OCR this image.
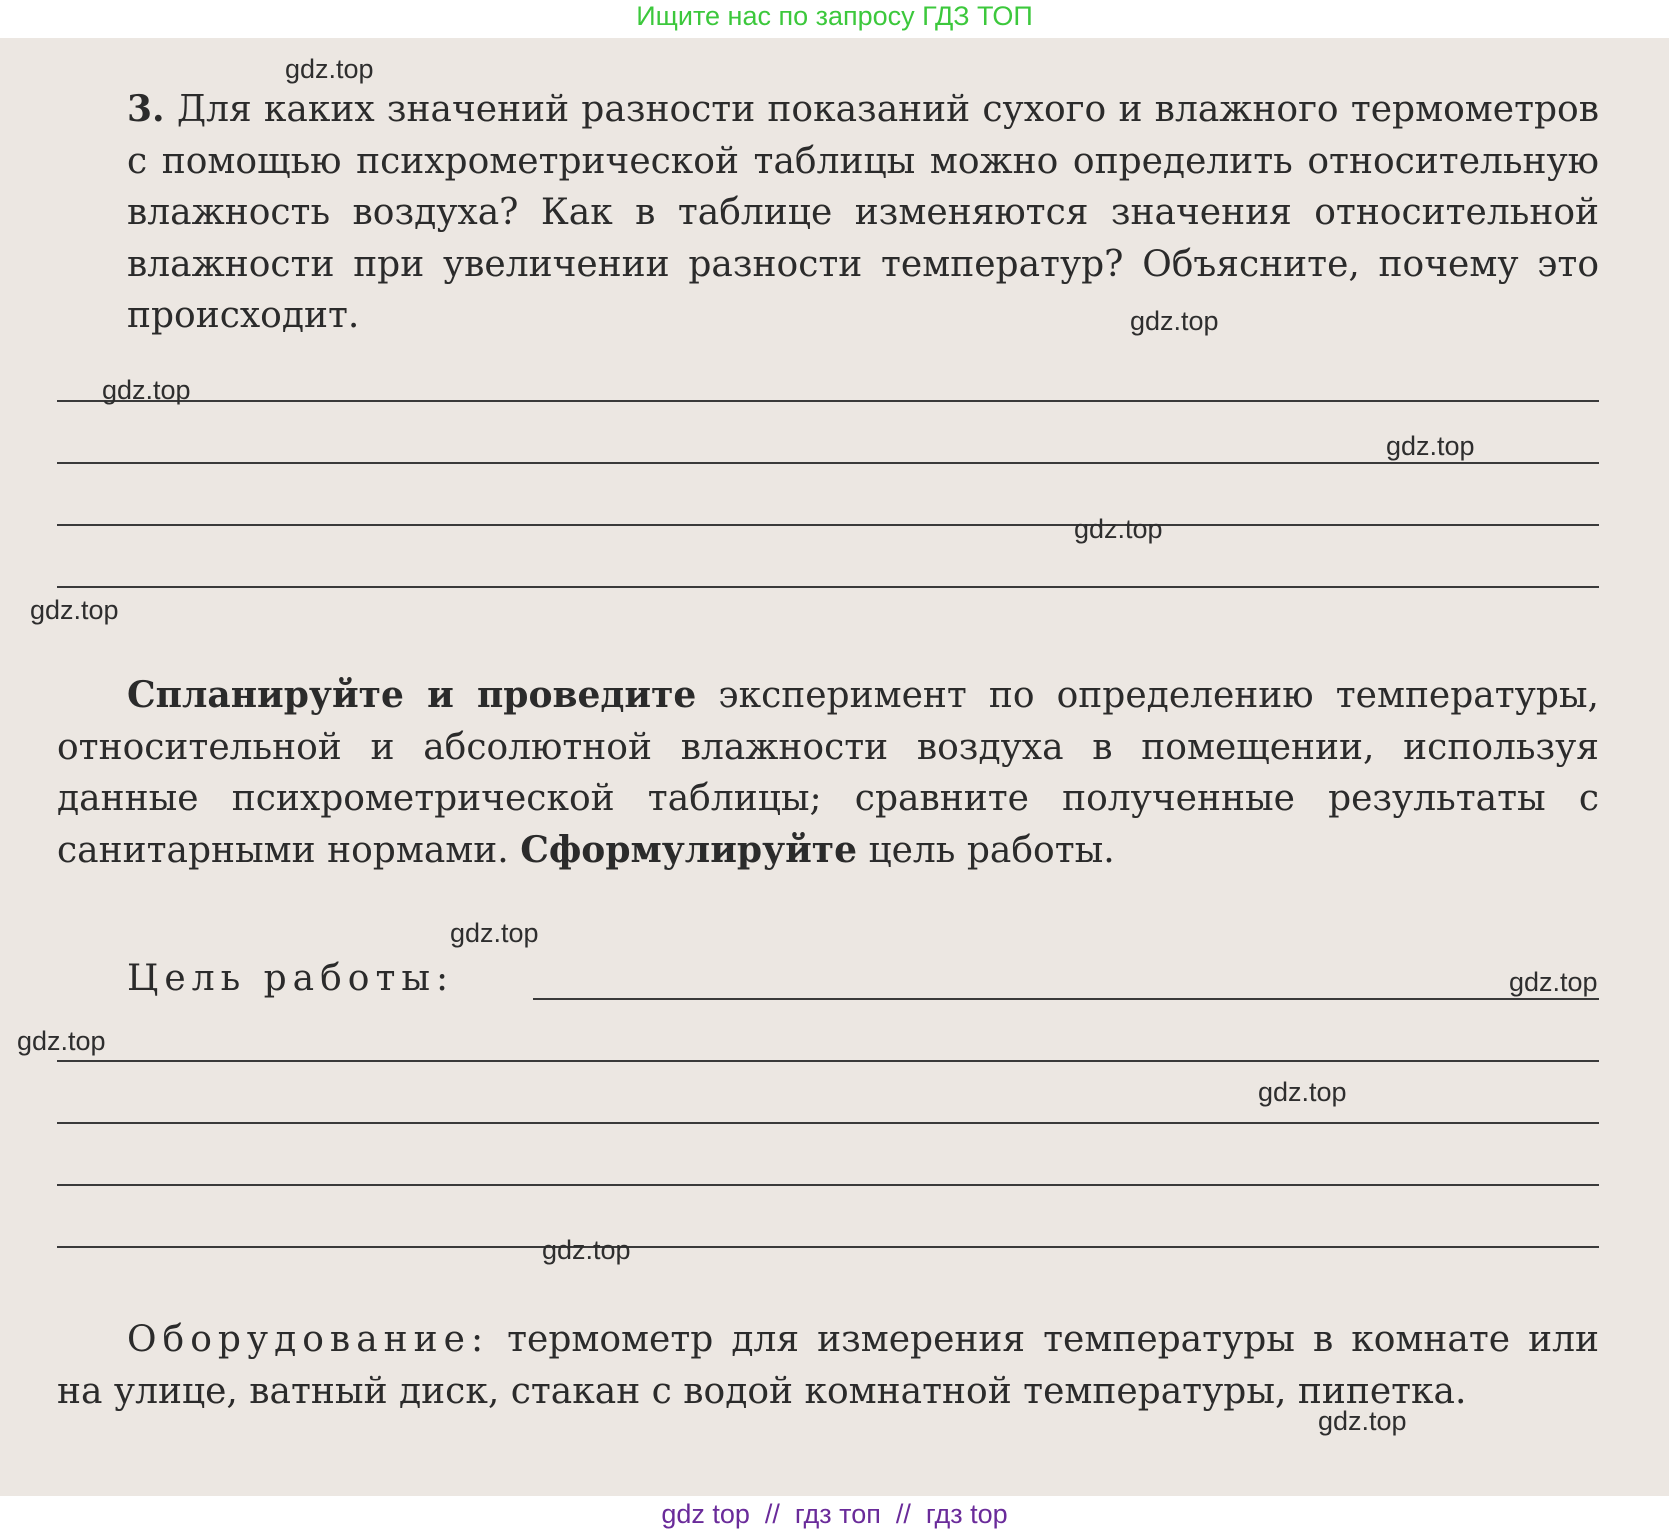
Ищите нас по запросу ГДЗ ТОП

3. Для каких значений разности показаний сухого и влажного термометров с помощью психрометрической таблицы можно определить относительную влажность воздуха? Как в таблице изменяются значения относительной влажности при увеличении разности температур? Объясните, почему это происходит.

Спланируйте и проведите эксперимент по определению температуры, относительной и абсолютной влажности воздуха в помещении, используя данные психрометрической таблицы; сравните полученные результаты с санитарными нормами. Сформулируйте цель работы.

Цель работы:

Оборудование: термометр для измерения температуры в комнате или на улице, ватный диск, стакан с водой комнатной температуры, пипетка.

gdz.top
gdz.top
gdz.top
gdz.top
gdz.top
gdz.top
gdz.top
gdz.top
gdz.top
gdz.top
gdz.top
gdz.top
gdz top  //  гдз топ  //  гдз top
